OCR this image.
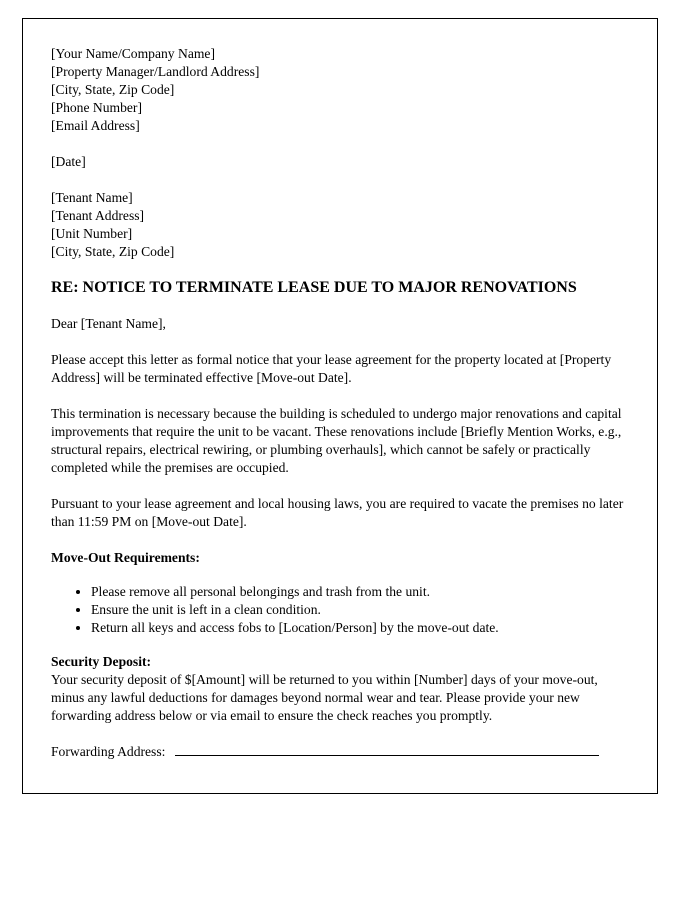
[Your Name/Company Name]
[Property Manager/Landlord Address]
[City, State, Zip Code]
[Phone Number]
[Email Address]
[Date]
[Tenant Name]
[Tenant Address]
[Unit Number]
[City, State, Zip Code]
RE: NOTICE TO TERMINATE LEASE DUE TO MAJOR RENOVATIONS

Dear [Tenant Name],

Please accept this letter as formal notice that your lease agreement for the property located at [Property Address] will be terminated effective [Move-out Date].

This termination is necessary because the building is scheduled to undergo major renovations and capital improvements that require the unit to be vacant. These renovations include [Briefly Mention Works, e.g., structural repairs, electrical rewiring, or plumbing overhauls], which cannot be safely or practically completed while the premises are occupied.

Pursuant to your lease agreement and local housing laws, you are required to vacate the premises no later than 11:59 PM on [Move-out Date].

Move-Out Requirements:
• Please remove all personal belongings and trash from the unit.
• Ensure the unit is left in a clean condition.
• Return all keys and access fobs to [Location/Person] by the move-out date.
Security Deposit:

Your security deposit of $[Amount] will be returned to you within [Number] days of your move-out, minus any lawful deductions for damages beyond normal wear and tear. Please provide your new forwarding address below or via email to ensure the check reaches you promptly.

Forwarding Address:
